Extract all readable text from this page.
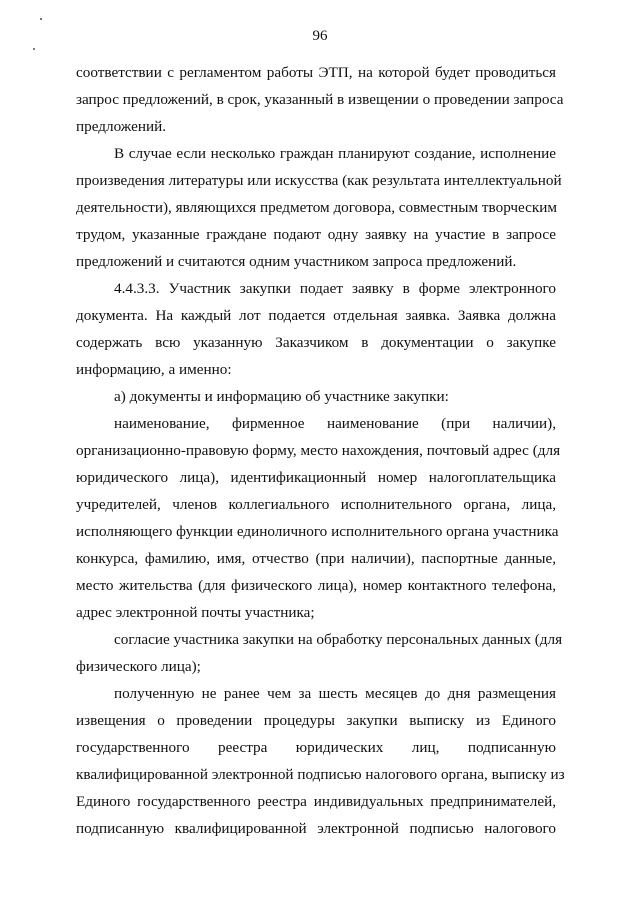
96
соответствии с регламентом работы ЭТП, на которой будет проводиться
запрос предложений, в срок, указанный в извещении о проведении запроса
предложений.
В случае если несколько граждан планируют создание, исполнение
произведения литературы или искусства (как результата интеллектуальной
деятельности), являющихся предметом договора, совместным творческим
трудом, указанные граждане подают одну заявку на участие в запросе
предложений и считаются одним участником запроса предложений.
4.4.3.3. Участник закупки подает заявку в форме электронного
документа. На каждый лот подается отдельная заявка. Заявка должна
содержать всю указанную Заказчиком в документации о закупке
информацию, а именно:
а) документы и информацию об участнике закупки:
наименование, фирменное наименование (при наличии),
организационно-правовую форму, место нахождения, почтовый адрес (для
юридического лица), идентификационный номер налогоплательщика
учредителей, членов коллегиального исполнительного органа, лица,
исполняющего функции единоличного исполнительного органа участника
конкурса, фамилию, имя, отчество (при наличии), паспортные данные,
место жительства (для физического лица), номер контактного телефона,
адрес электронной почты участника;
согласие участника закупки на обработку персональных данных (для
физического лица);
полученную не ранее чем за шесть месяцев до дня размещения
извещения о проведении процедуры закупки выписку из Единого
государственного реестра юридических лиц, подписанную
квалифицированной электронной подписью налогового органа, выписку из
Единого государственного реестра индивидуальных предпринимателей,
подписанную квалифицированной электронной подписью налогового
